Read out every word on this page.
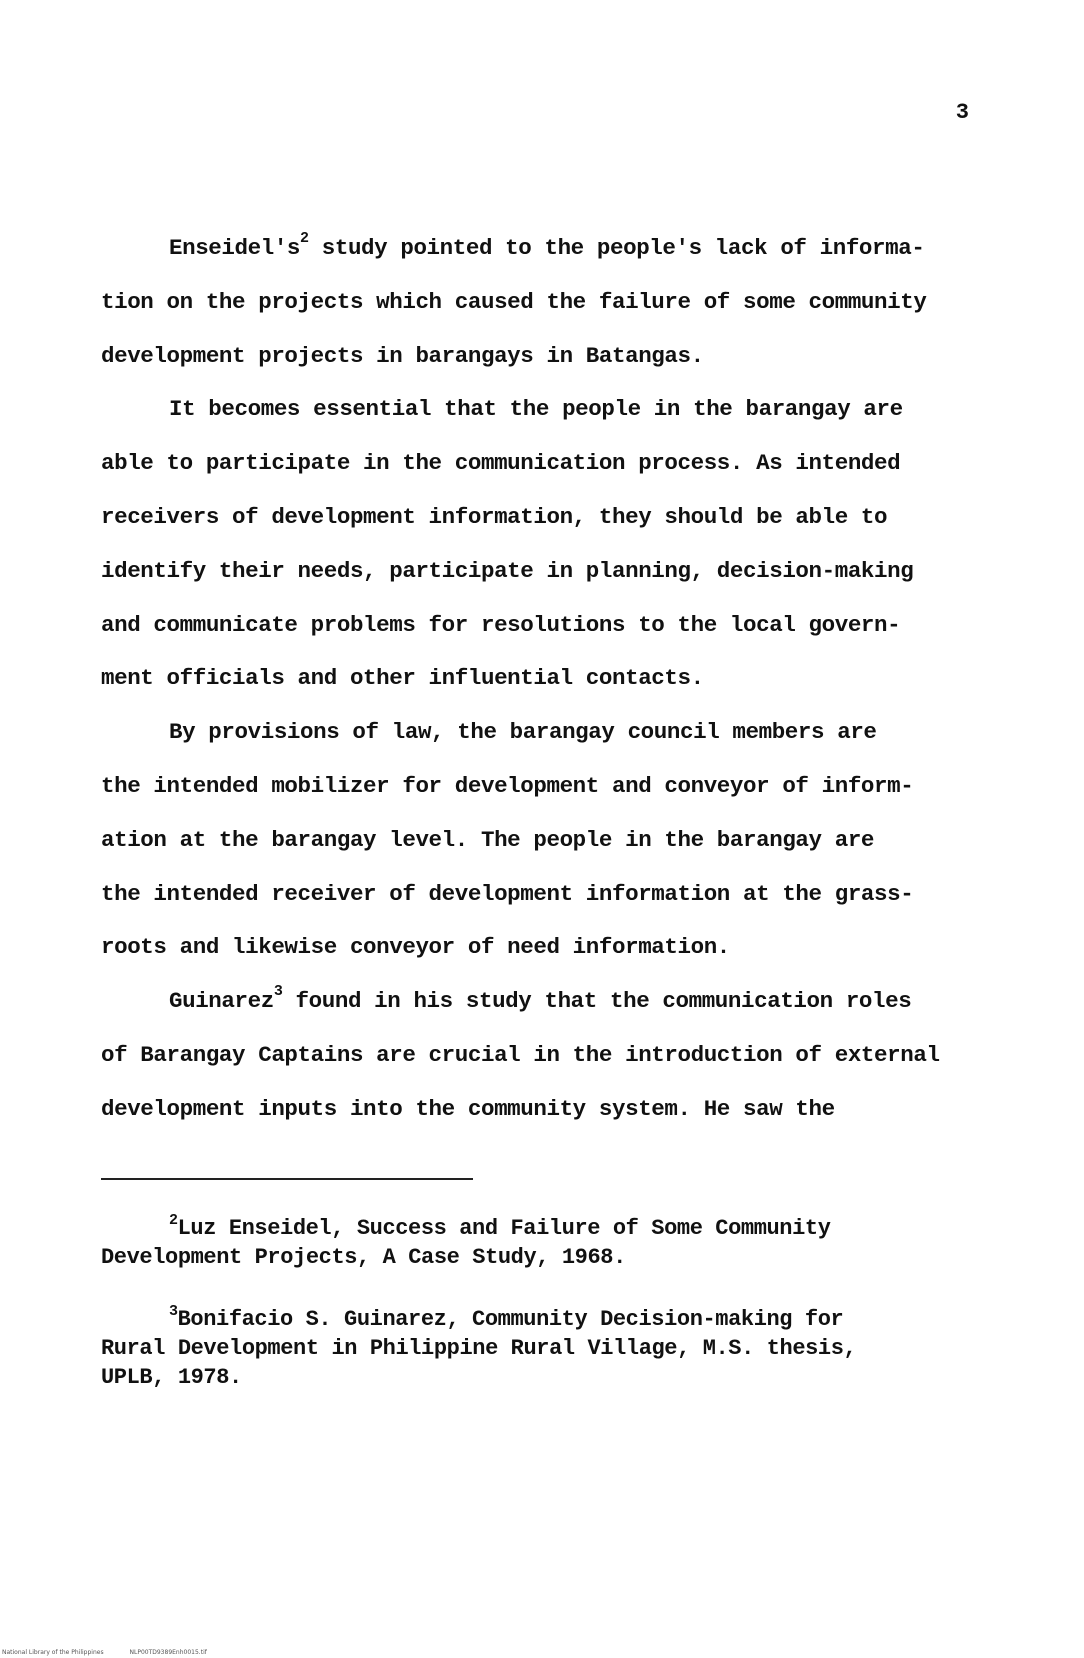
3
$Enseidel's^2$ study pointed to the people's lack of informa-
tion on the projects which caused the failure of some community
development projects in barangays in Batangas.
It becomes essential that the people in the barangay are
able to participate in the communication process. As intended
receivers of development information, they should be able to
identify their needs, participate in planning, decision-making
and communicate problems for resolutions to the local govern-
ment officials and other influential contacts.
By provisions of law, the barangay council members are
the intended mobilizer for development and conveyor of inform-
ation at the barangay level. The people in the barangay are
the intended receiver of development information at the grass-
roots and likewise conveyor of need information.
Guinarez$^3$ found in his study that the communication roles
of Barangay Captains are crucial in the introduction of external
development inputs into the community system. He saw the
$^2$Luz Enseidel, Success and Failure of Some Community
Development Projects, A Case Study, 1968.
$^3$Bonifacio S. Guinarez, Community Decision-making for
Rural Development in Philippine Rural Village, M.S. thesis,
UPLB, 1978.
National Library of the Philippines	NLP00TD9389Enh0015.tif
